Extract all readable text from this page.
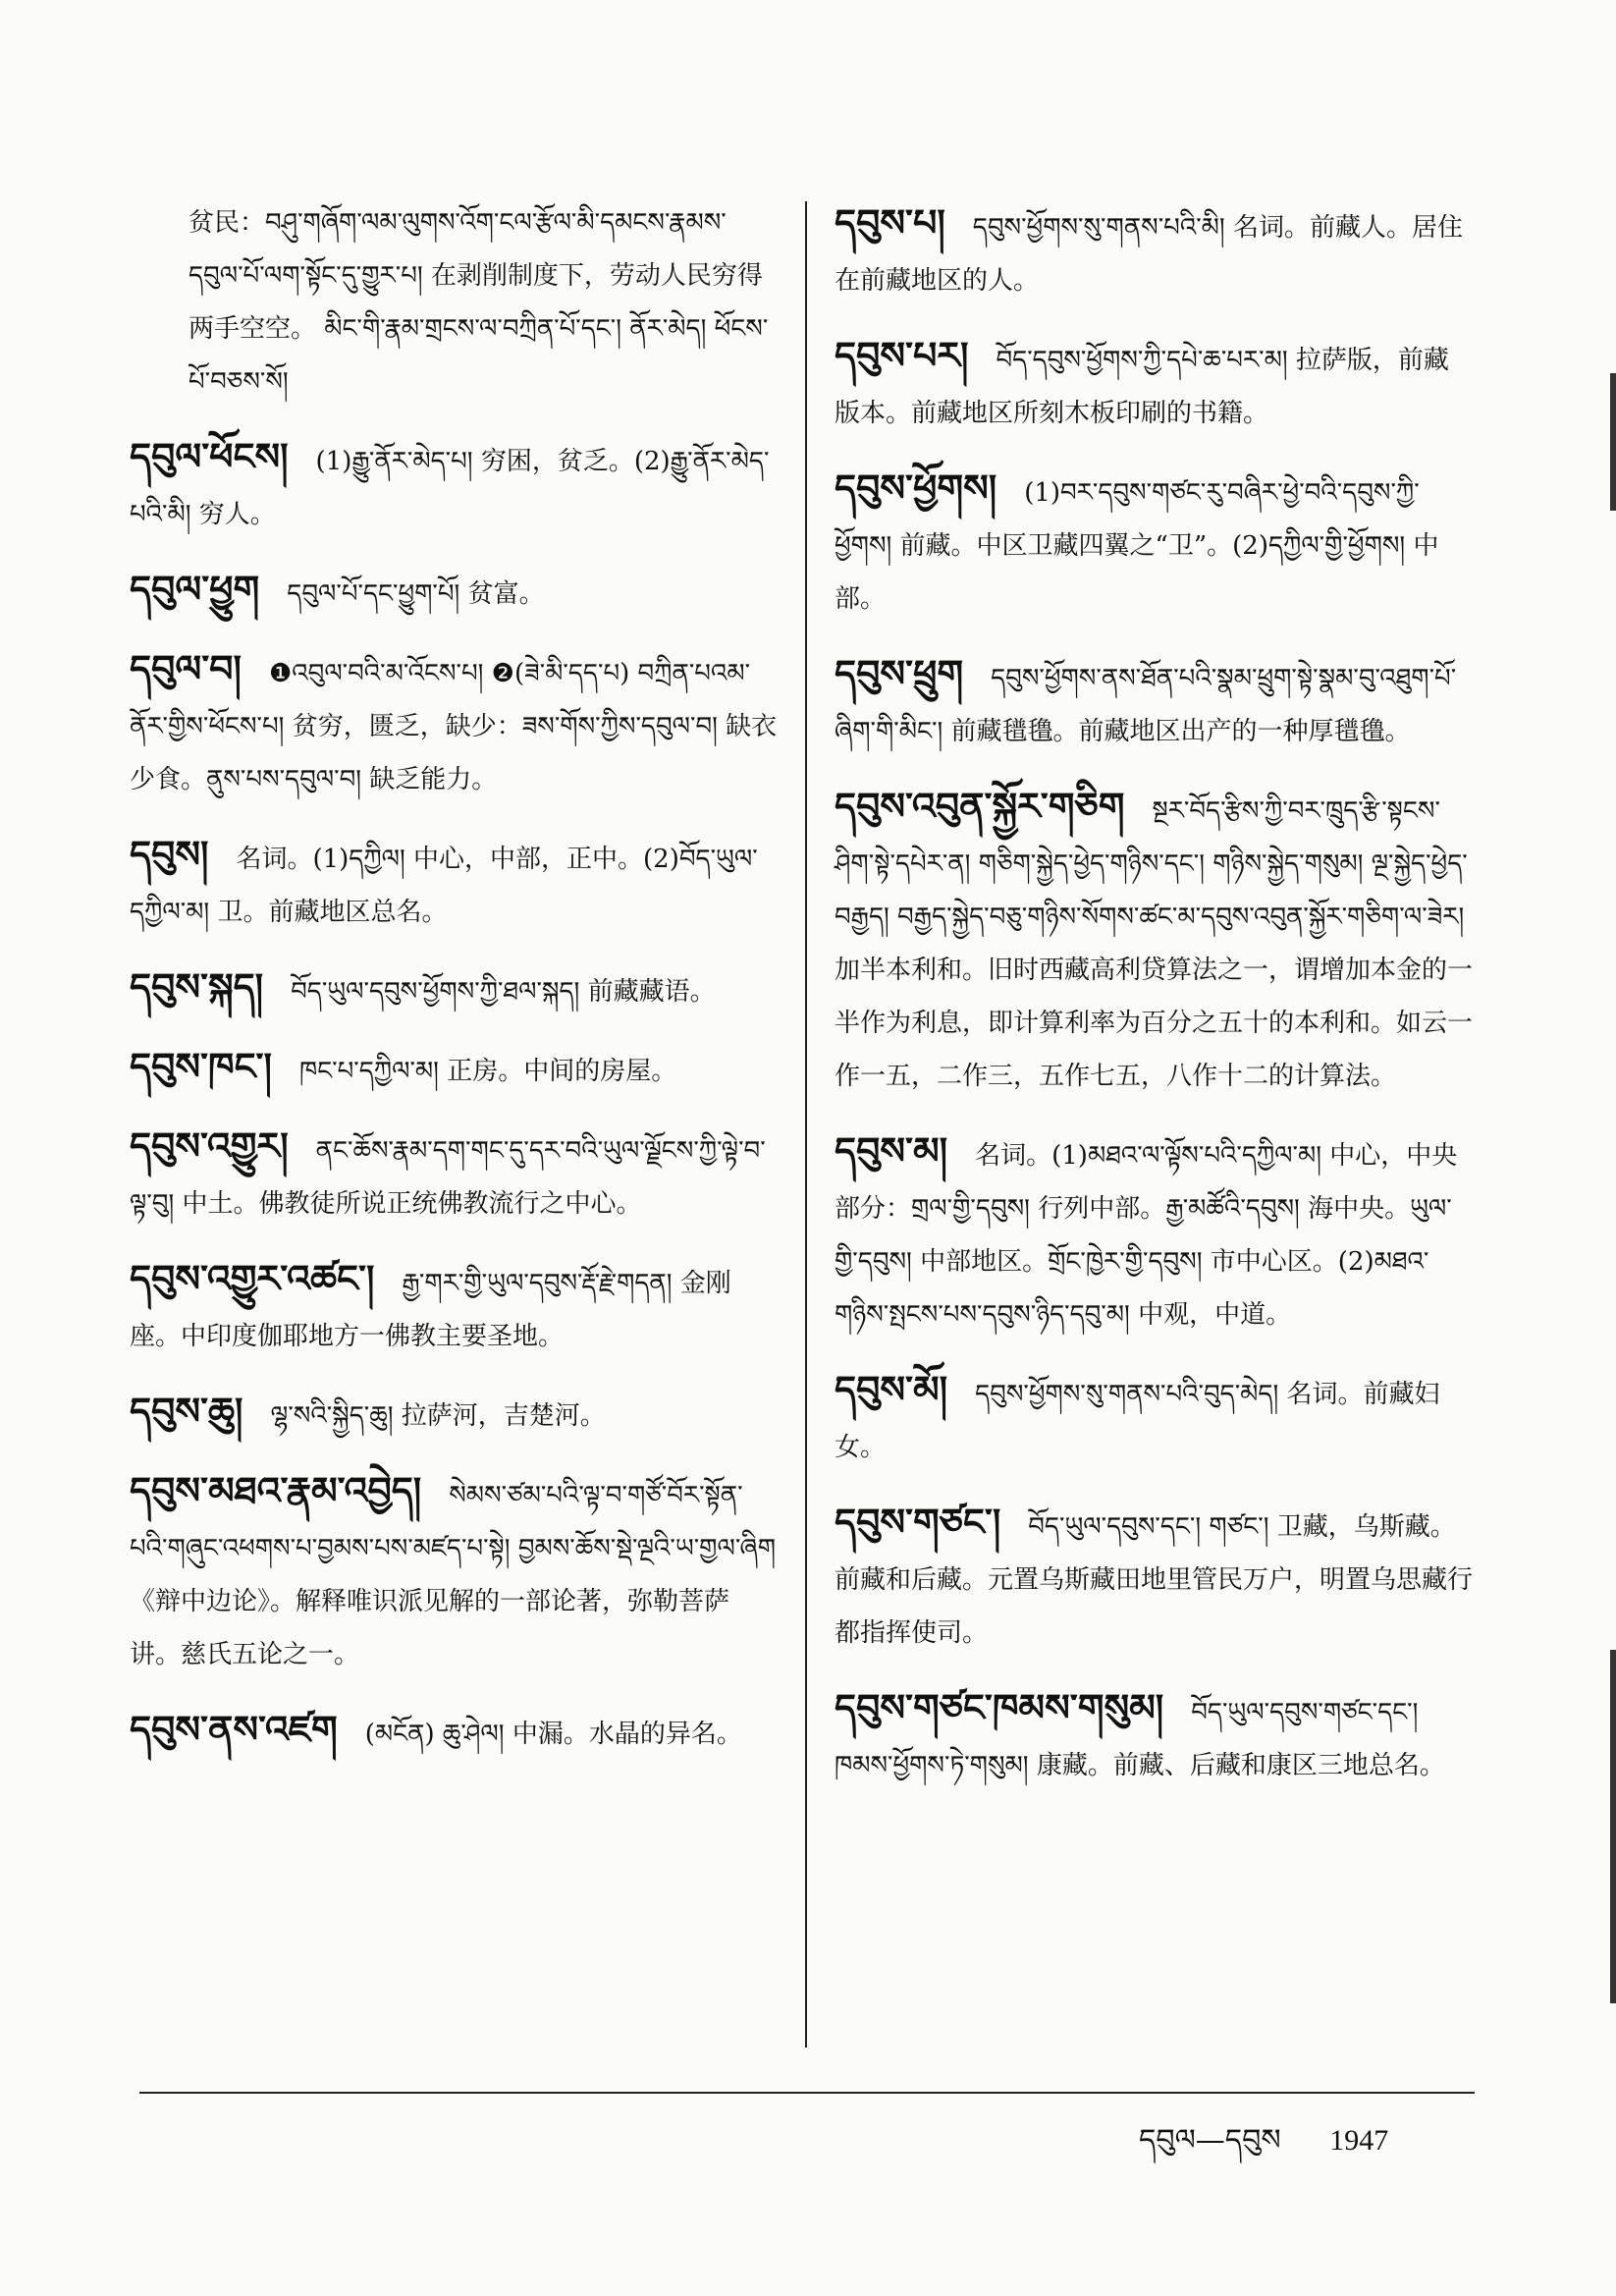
贫民：བཤུ་གཞོག་ལམ་ལུགས་འོག་ངལ་རྩོལ་མི་དམངས་རྣམས་དབུལ་པོ་ལག་སྟོང་དུ་གྱུར་པ། 在剥削制度下，劳动人民穷得两手空空。 མིང་གི་རྣམ་གྲངས་ལ་བཀྲིན་པོ་དང་། ནོར་མེད། ཕོངས་པོ་བཅས་སོ།
དབུལ་ཕོངས། (1)རྒྱུ་ནོར་མེད་པ། 穷困，贫乏。(2)རྒྱུ་ནོར་མེད་པའི་མི། 穷人。
དབུལ་ཕྱུག དབུལ་པོ་དང་ཕྱུག་པོ། 贫富。
དབུལ་བ། ❶འབུལ་བའི་མ་འོངས་པ། ❷(ཟེ་མི་དད་པ) བཀྲིན་པའམ་ནོར་གྱིས་ཕོངས་པ། 贫穷，匮乏，缺少：ཟས་གོས་ཀྱིས་དབུལ་བ། 缺衣少食。ནུས་པས་དབུལ་བ། 缺乏能力。
དབུས། 名词。(1)དཀྱིལ། 中心，中部，正中。(2)བོད་ཡུལ་དཀྱིལ་མ། 卫。前藏地区总名。
དབུས་སྐད། བོད་ཡུལ་དབུས་ཕྱོགས་ཀྱི་ཐལ་སྐད། 前藏藏语。
དབུས་ཁང་། ཁང་པ་དཀྱིལ་མ། 正房。中间的房屋。
དབུས་འགྱུར། ནང་ཆོས་རྣམ་དག་གང་དུ་དར་བའི་ཡུལ་ལྗོངས་ཀྱི་ལྟེ་བ་ལྟ་བུ། 中土。佛教徒所说正统佛教流行之中心。
དབུས་འགྱུར་འཚང་། རྒྱ་གར་གྱི་ཡུལ་དབུས་རྡོ་རྗེ་གདན། 金刚座。中印度伽耶地方一佛教主要圣地。
དབུས་ཆུ། ལྷ་སའི་སྐྱིད་ཆུ། 拉萨河，吉楚河。
དབུས་མཐའ་རྣམ་འབྱེད། སེམས་ཙམ་པའི་ལྟ་བ་གཙོ་བོར་སྟོན་པའི་གཞུང་འཕགས་པ་བྱམས་པས་མཛད་པ་སྟེ། བྱམས་ཆོས་སྡེ་ལྔའི་ཡ་གྱལ་ཞིག 《辩中边论》。解释唯识派见解的一部论著，弥勒菩萨讲。慈氏五论之一。
དབུས་ནས་འཛག (མངོན) ཆུ་ཤེལ། 中漏。水晶的异名。
དབུས་པ། དབུས་ཕྱོགས་སུ་གནས་པའི་མི། 名词。前藏人。居住在前藏地区的人。
དབུས་པར། བོད་དབུས་ཕྱོགས་ཀྱི་དཔེ་ཆ་པར་མ། 拉萨版，前藏版本。前藏地区所刻木板印刷的书籍。
དབུས་ཕྱོགས། (1)བར་དབུས་གཙང་རུ་བཞིར་ཕྱེ་བའི་དབུས་ཀྱི་ཕྱོགས། 前藏。中区卫藏四翼之“卫”。(2)དཀྱིལ་གྱི་ཕྱོགས། 中部。
དབུས་ཕྲུག དབུས་ཕྱོགས་ནས་ཐོན་པའི་སྣམ་ཕྲུག་སྟེ་སྣམ་བུ་འཐུག་པོ་ཞིག་གི་མིང་། 前藏氆氇。前藏地区出产的一种厚氆氇。
དབུས་འབུན་སྐྱོར་གཅིག སྔར་བོད་རྩིས་ཀྱི་བར་ཁྲུད་རྩི་སྟངས་ཤིག་སྟེ་དཔེར་ན། གཅིག་སྐྱེད་ཕྱེད་གཉིས་དང་། གཉིས་སྐྱེད་གསུམ། ལྔ་སྐྱེད་ཕྱེད་བརྒྱད། བརྒྱད་སྐྱེད་བཅུ་གཉིས་སོགས་ཚང་མ་དབུས་འབུན་སྐྱོར་གཅིག་ལ་ཟེར། 加半本利和。旧时西藏高利贷算法之一，谓增加本金的一半作为利息，即计算利率为百分之五十的本利和。如云一作一五，二作三，五作七五，八作十二的计算法。
དབུས་མ། 名词。(1)མཐའ་ལ་ལྟོས་པའི་དཀྱིལ་མ། 中心，中央部分：གྲལ་གྱི་དབུས། 行列中部。རྒྱ་མཚོའི་དབུས། 海中央。ཡུལ་གྱི་དབུས། 中部地区。གྲོང་ཁྱེར་གྱི་དབུས། 市中心区。(2)མཐའ་གཉིས་སྤངས་པས་དབུས་ཉིད་དབུ་མ། 中观，中道。
དབུས་མོ། དབུས་ཕྱོགས་སུ་གནས་པའི་བུད་མེད། 名词。前藏妇女。
དབུས་གཙང་། བོད་ཡུལ་དབུས་དང་། གཙང་། 卫藏，乌斯藏。前藏和后藏。元置乌斯藏田地里管民万户，明置乌思藏行都指挥使司。
དབུས་གཙང་ཁམས་གསུམ། བོད་ཡུལ་དབུས་གཙང་དང་། ཁམས་ཕྱོགས་ཏེ་གསུམ། 康藏。前藏、后藏和康区三地总名。
དབུལ—དབུས 1947
